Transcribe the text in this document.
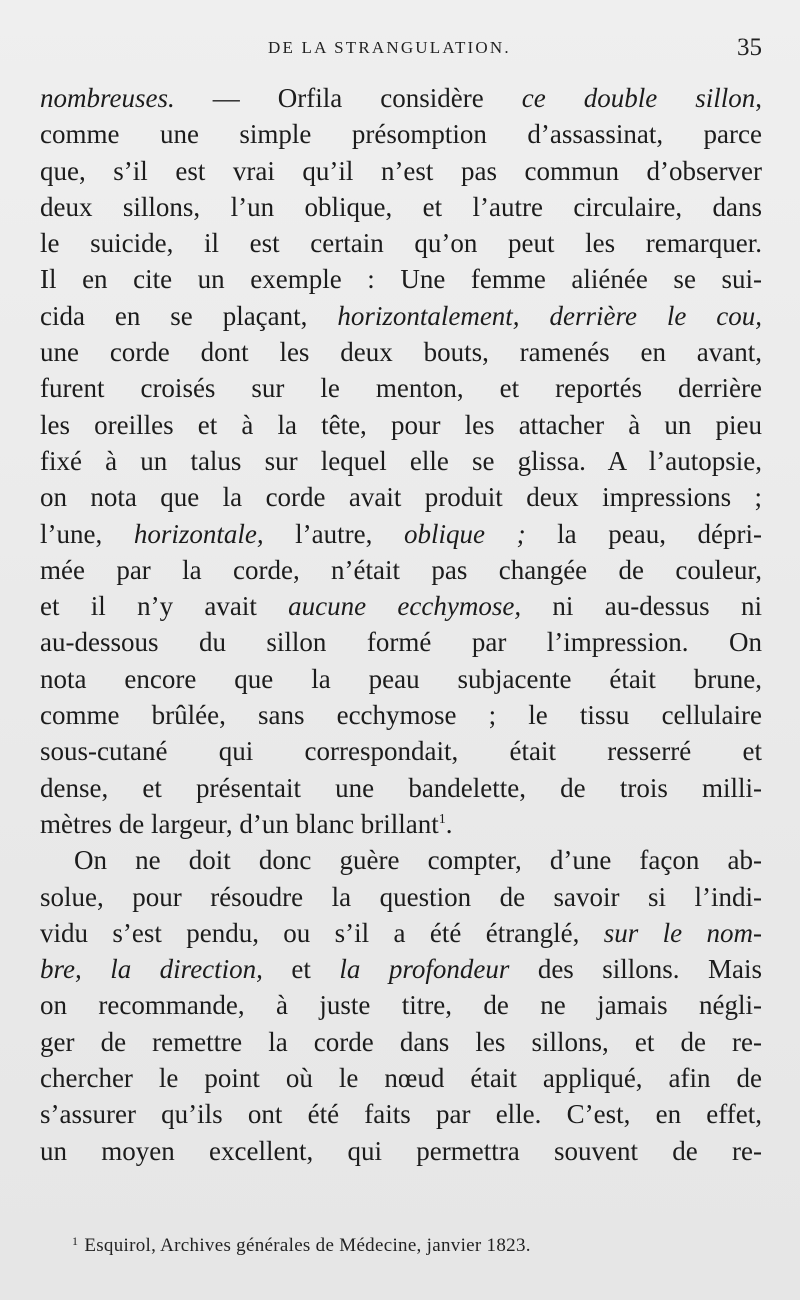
DE LA STRANGULATION.	35
nombreuses. — Orfila considère ce double sillon,
comme une simple présomption d’assassinat, parce
que, s’il est vrai qu’il n’est pas commun d’observer
deux sillons, l’un oblique, et l’autre circulaire, dans
le suicide, il est certain qu’on peut les remarquer.
Il en cite un exemple : Une femme aliénée se sui-
cida en se plaçant, horizontalement, derrière le cou,
une corde dont les deux bouts, ramenés en avant,
furent croisés sur le menton, et reportés derrière
les oreilles et à la tête, pour les attacher à un pieu
fixé à un talus sur lequel elle se glissa. A l’autopsie,
on nota que la corde avait produit deux impressions ;
l’une, horizontale, l’autre, oblique ; la peau, dépri-
mée par la corde, n’était pas changée de couleur,
et il n’y avait aucune ecchymose, ni au-dessus ni
au-dessous du sillon formé par l’impression. On
nota encore que la peau subjacente était brune,
comme brûlée, sans ecchymose ; le tissu cellulaire
sous-cutané qui correspondait, était resserré et
dense, et présentait une bandelette, de trois milli-
mètres de largeur, d’un blanc brillant$^1$.
On ne doit donc guère compter, d’une façon ab-
solue, pour résoudre la question de savoir si l’indi-
vidu s’est pendu, ou s’il a été étranglé, sur le nom-
bre, la direction, et la profondeur des sillons. Mais
on recommande, à juste titre, de ne jamais négli-
ger de remettre la corde dans les sillons, et de re-
chercher le point où le nœud était appliqué, afin de
s’assurer qu’ils ont été faits par elle. C’est, en effet,
un moyen excellent, qui permettra souvent de re-
$^1$ Esquirol, Archives générales de Médecine, janvier 1823.
